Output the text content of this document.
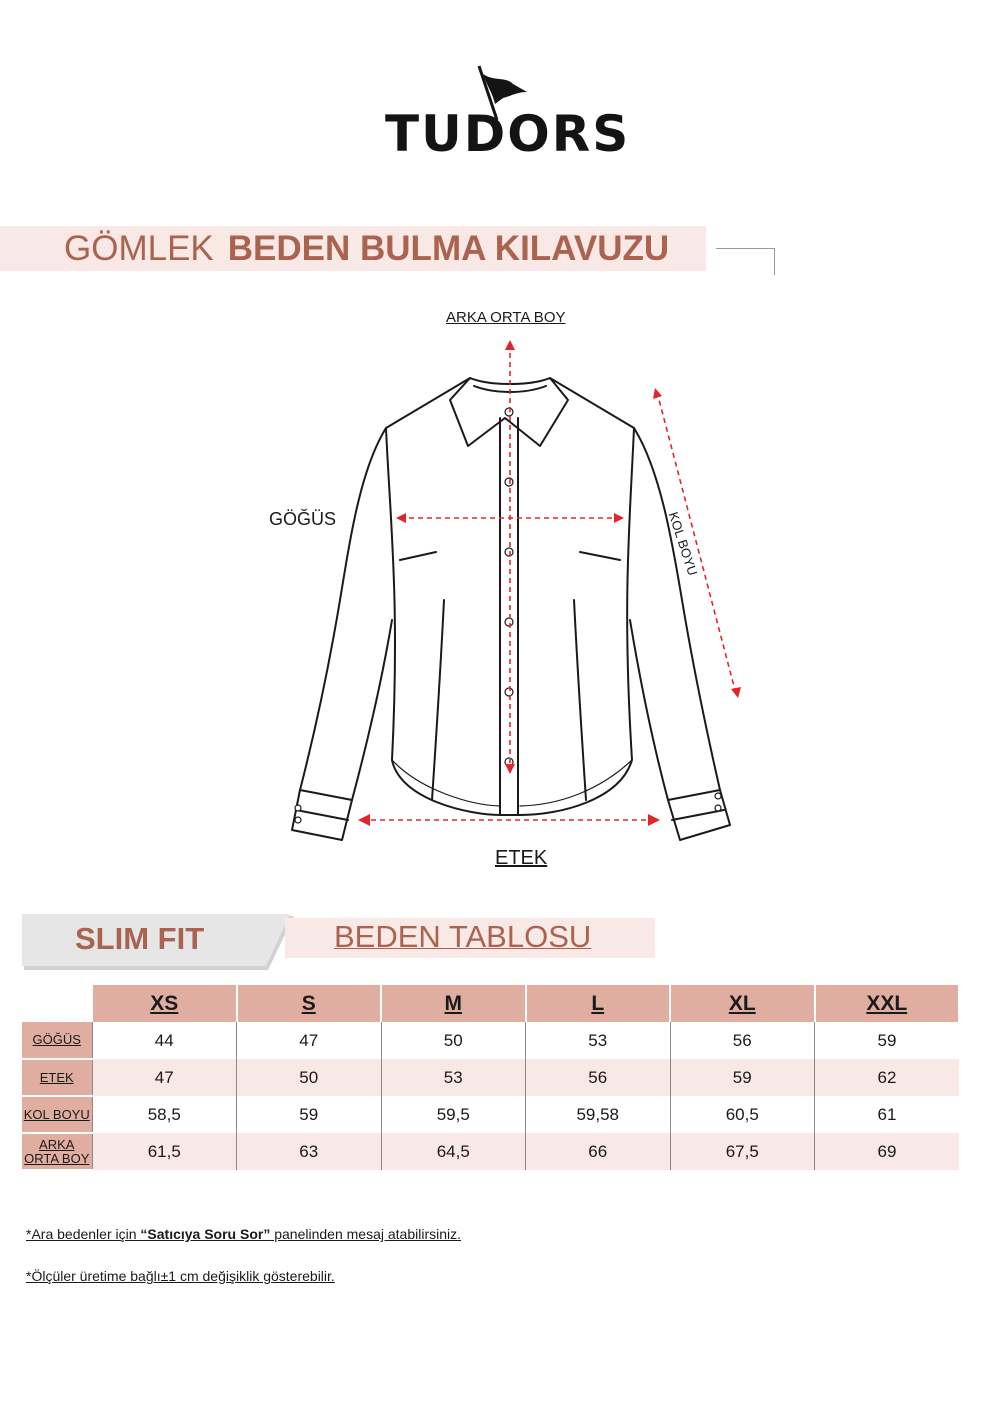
TUDORS
GÖMLEK BEDEN BULMA KILAVUZU
ARKA ORTA BOY
GÖĞÜS	KOL BOYU
ETEK
SLIM FIT	BEDEN TABLOSU
	XS	S	M	L	XL	XXL
GÖĞÜS	44	47	50	53	56	59
ETEK	47	50	53	56	59	62
KOL BOYU	58,5	59	59,5	59,58	60,5	61
ARKA ORTA BOY	61,5	63	64,5	66	67,5	69
*Ara bedenler için “Satıcıya Soru Sor” panelinden mesaj atabilirsiniz.
*Ölçüler üretime bağlı±1 cm değişiklik gösterebilir.
